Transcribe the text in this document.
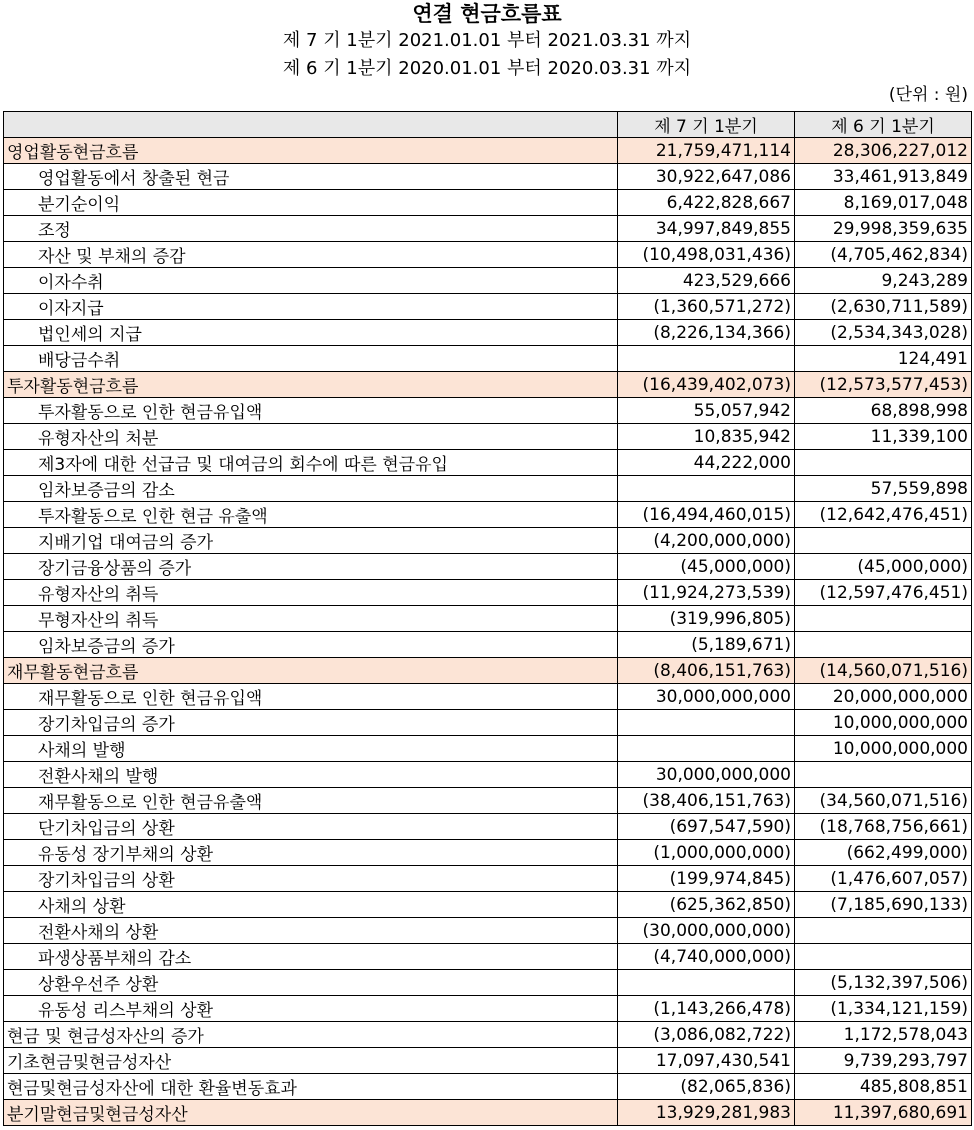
연결 현금흐름표
제 7 기 1분기 2021.01.01 부터 2021.03.31 까지
제 6 기 1분기 2020.01.01 부터 2020.03.31 까지
(단위 : 원)
	제 7 기 1분기	제 6 기 1분기
영업활동현금흐름	21,759,471,114	28,306,227,012
영업활동에서 창출된 현금	30,922,647,086	33,461,913,849
분기순이익	6,422,828,667	8,169,017,048
조정	34,997,849,855	29,998,359,635
자산 및 부채의 증감	(10,498,031,436)	(4,705,462,834)
이자수취	423,529,666	9,243,289
이자지급	(1,360,571,272)	(2,630,711,589)
법인세의 지급	(8,226,134,366)	(2,534,343,028)
배당금수취		124,491
투자활동현금흐름	(16,439,402,073)	(12,573,577,453)
투자활동으로 인한 현금유입액	55,057,942	68,898,998
유형자산의 처분	10,835,942	11,339,100
제3자에 대한 선급금 및 대여금의 회수에 따른 현금유입	44,222,000	
임차보증금의 감소		57,559,898
투자활동으로 인한 현금 유출액	(16,494,460,015)	(12,642,476,451)
지배기업 대여금의 증가	(4,200,000,000)	
장기금융상품의 증가	(45,000,000)	(45,000,000)
유형자산의 취득	(11,924,273,539)	(12,597,476,451)
무형자산의 취득	(319,996,805)	
임차보증금의 증가	(5,189,671)	
재무활동현금흐름	(8,406,151,763)	(14,560,071,516)
재무활동으로 인한 현금유입액	30,000,000,000	20,000,000,000
장기차입금의 증가		10,000,000,000
사채의 발행		10,000,000,000
전환사채의 발행	30,000,000,000	
재무활동으로 인한 현금유출액	(38,406,151,763)	(34,560,071,516)
단기차입금의 상환	(697,547,590)	(18,768,756,661)
유동성 장기부채의 상환	(1,000,000,000)	(662,499,000)
장기차입금의 상환	(199,974,845)	(1,476,607,057)
사채의 상환	(625,362,850)	(7,185,690,133)
전환사채의 상환	(30,000,000,000)	
파생상품부채의 감소	(4,740,000,000)	
상환우선주 상환		(5,132,397,506)
유동성 리스부채의 상환	(1,143,266,478)	(1,334,121,159)
현금 및 현금성자산의 증가	(3,086,082,722)	1,172,578,043
기초현금및현금성자산	17,097,430,541	9,739,293,797
현금및현금성자산에 대한 환율변동효과	(82,065,836)	485,808,851
분기말현금및현금성자산	13,929,281,983	11,397,680,691
